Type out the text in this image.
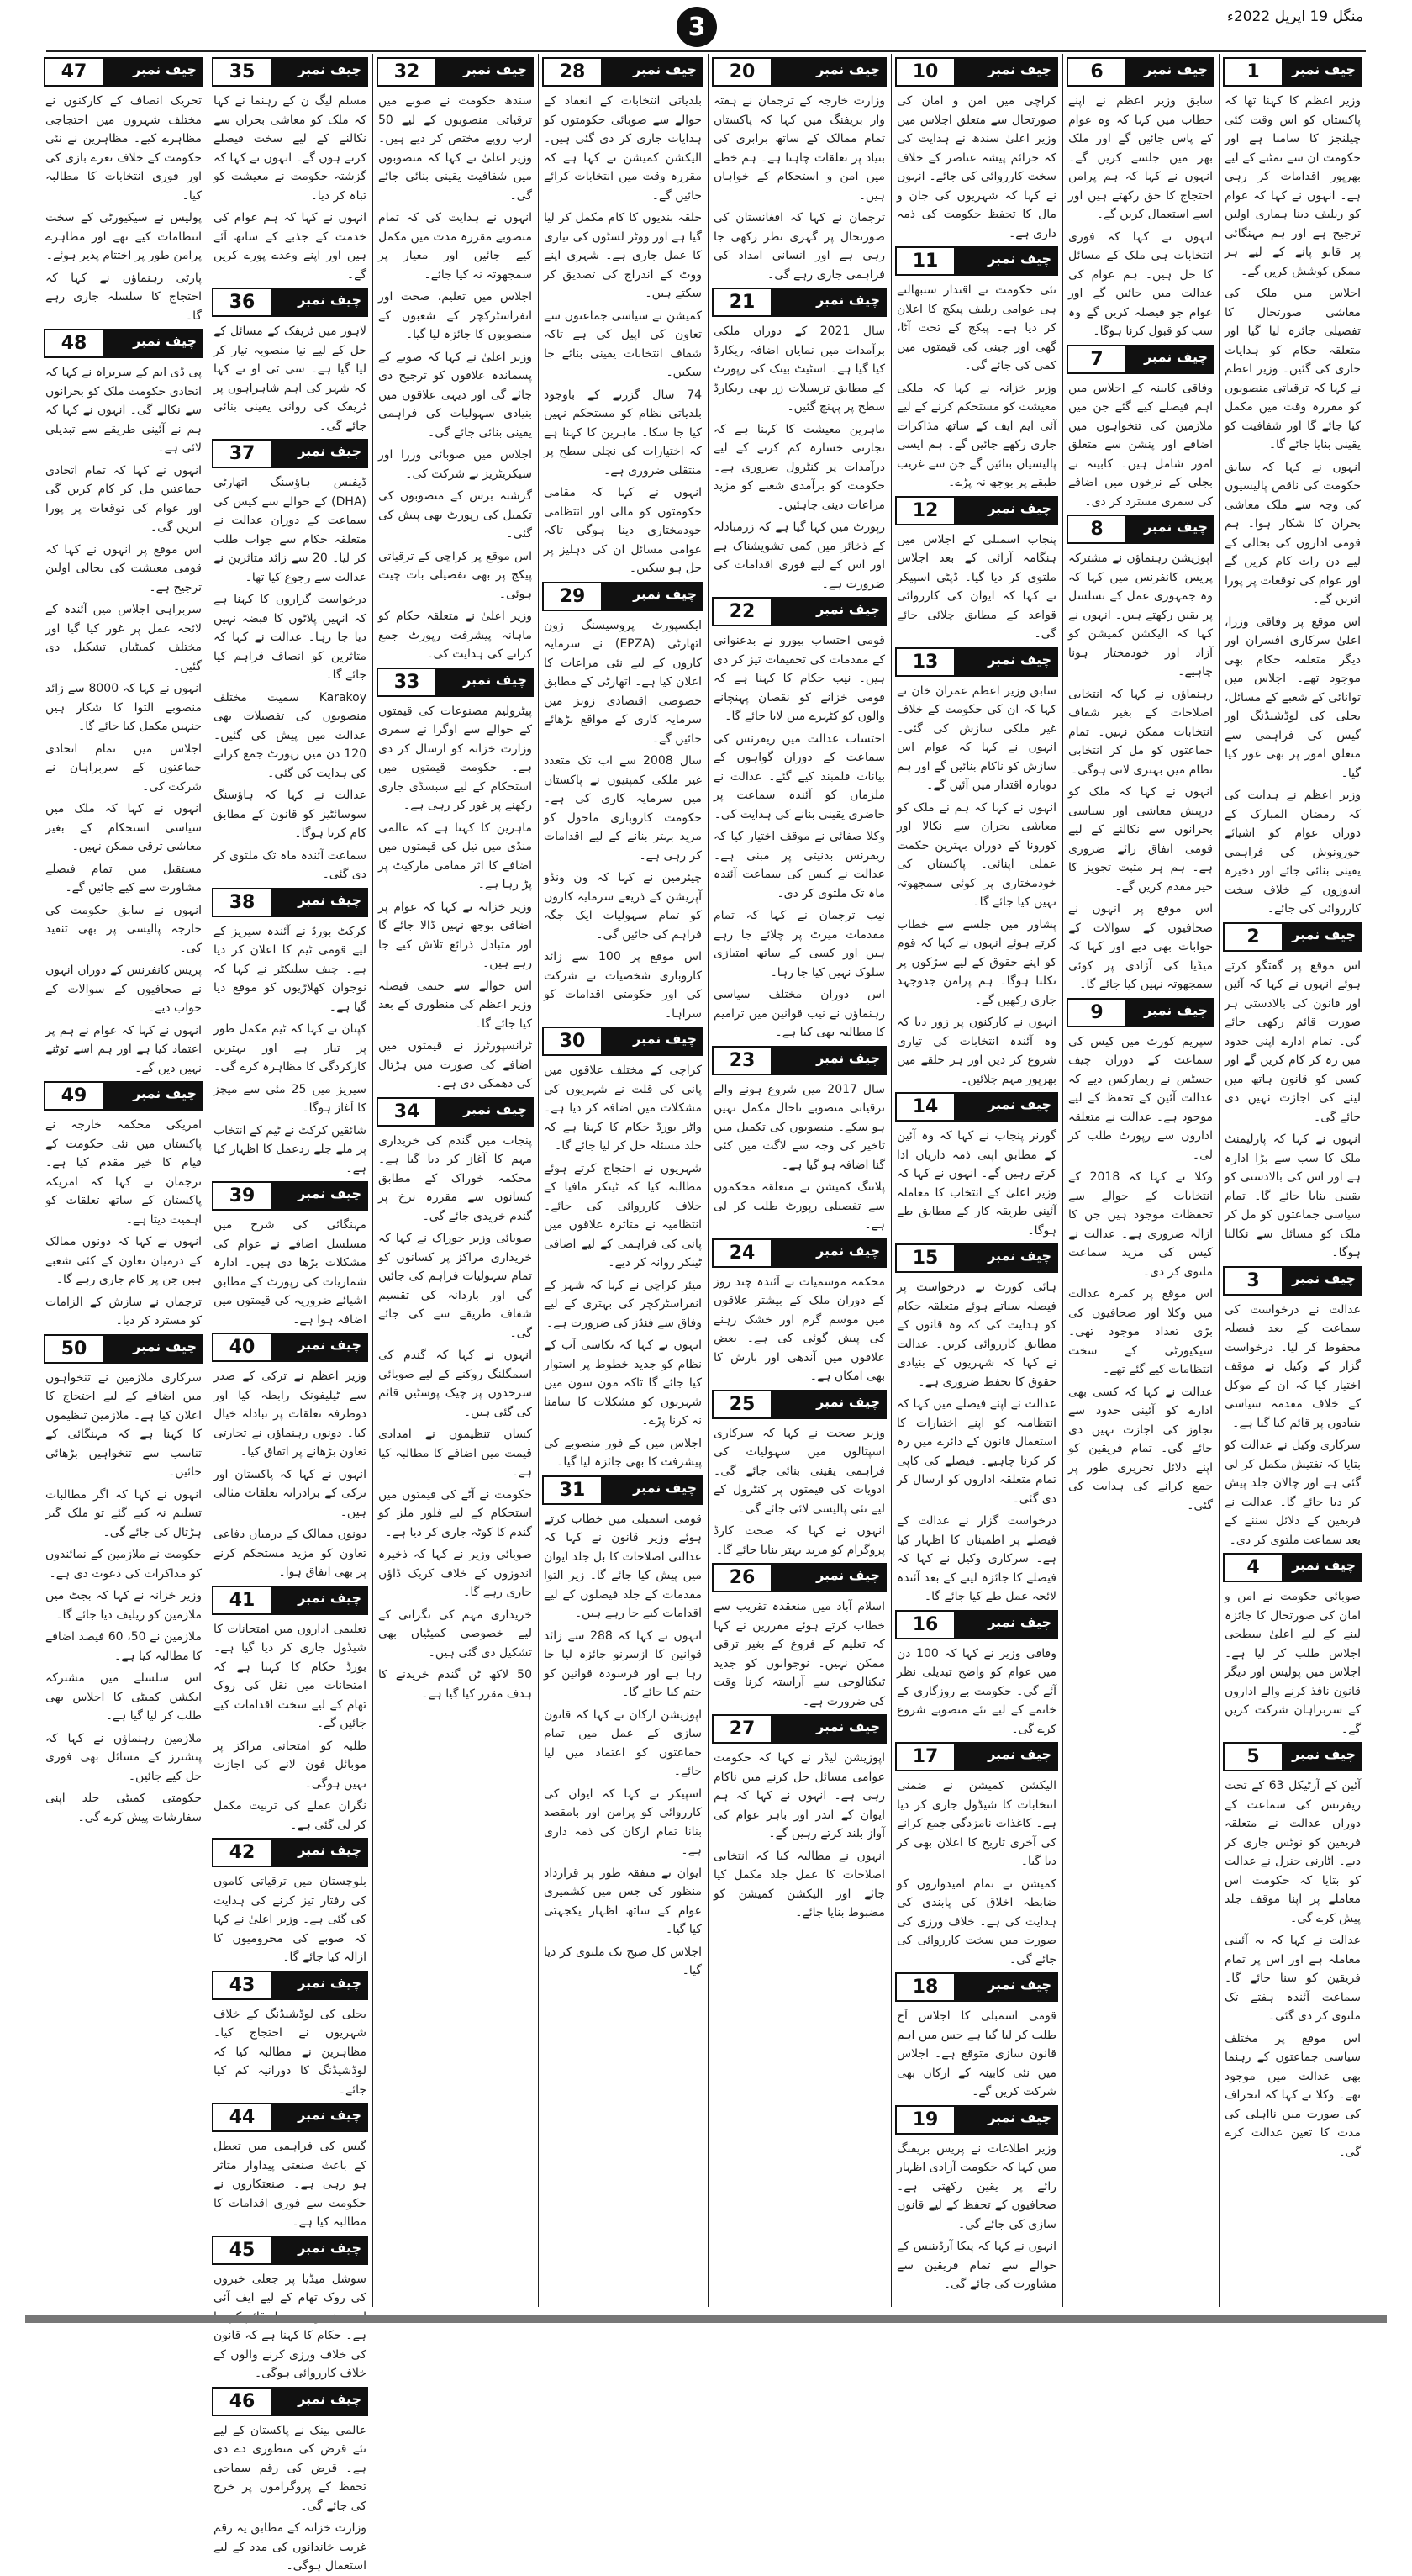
3	منگل 19 اپریل 2022ء
چیف نمبر
1

وزیر اعظم کا کہنا تھا کہ پاکستان کو اس وقت کئی چیلنجز کا سامنا ہے اور حکومت ان سے نمٹنے کے لیے بھرپور اقدامات کر رہی ہے۔ انہوں نے کہا کہ عوام کو ریلیف دینا ہماری اولین ترجیح ہے اور ہم مہنگائی پر قابو پانے کے لیے ہر ممکن کوشش کریں گے۔

اجلاس میں ملک کی معاشی صورتحال کا تفصیلی جائزہ لیا گیا اور متعلقہ حکام کو ہدایات جاری کی گئیں۔ وزیر اعظم نے کہا کہ ترقیاتی منصوبوں کو مقررہ وقت میں مکمل کیا جائے گا اور شفافیت کو یقینی بنایا جائے گا۔

انہوں نے کہا کہ سابق حکومت کی ناقص پالیسیوں کی وجہ سے ملک معاشی بحران کا شکار ہوا۔ ہم قومی اداروں کی بحالی کے لیے دن رات کام کریں گے اور عوام کی توقعات پر پورا اتریں گے۔

اس موقع پر وفاقی وزرا، اعلیٰ سرکاری افسران اور دیگر متعلقہ حکام بھی موجود تھے۔ اجلاس میں توانائی کے شعبے کے مسائل، بجلی کی لوڈشیڈنگ اور گیس کی فراہمی سے متعلق امور پر بھی غور کیا گیا۔

وزیر اعظم نے ہدایت کی کہ رمضان المبارک کے دوران عوام کو اشیائے خورونوش کی فراہمی یقینی بنائی جائے اور ذخیرہ اندوزوں کے خلاف سخت کارروائی کی جائے۔

چیف نمبر
2

اس موقع پر گفتگو کرتے ہوئے انہوں نے کہا کہ آئین اور قانون کی بالادستی ہر صورت قائم رکھی جائے گی۔ تمام ادارے اپنی حدود میں رہ کر کام کریں گے اور کسی کو قانون ہاتھ میں لینے کی اجازت نہیں دی جائے گی۔

انہوں نے کہا کہ پارلیمنٹ ملک کا سب سے بڑا ادارہ ہے اور اس کی بالادستی کو یقینی بنایا جائے گا۔ تمام سیاسی جماعتوں کو مل کر ملک کو مسائل سے نکالنا ہوگا۔

چیف نمبر
3

عدالت نے درخواست کی سماعت کے بعد فیصلہ محفوظ کر لیا۔ درخواست گزار کے وکیل نے موقف اختیار کیا کہ ان کے موکل کے خلاف مقدمہ سیاسی بنیادوں پر قائم کیا گیا ہے۔

سرکاری وکیل نے عدالت کو بتایا کہ تفتیش مکمل کر لی گئی ہے اور چالان جلد پیش کر دیا جائے گا۔ عدالت نے فریقین کے دلائل سننے کے بعد سماعت ملتوی کر دی۔

چیف نمبر
4

صوبائی حکومت نے امن و امان کی صورتحال کا جائزہ لینے کے لیے اعلیٰ سطحی اجلاس طلب کر لیا ہے۔ اجلاس میں پولیس اور دیگر قانون نافذ کرنے والے اداروں کے سربراہان شرکت کریں گے۔

چیف نمبر
5

آئین کے آرٹیکل 63 کے تحت ریفرنس کی سماعت کے دوران عدالت نے متعلقہ فریقین کو نوٹس جاری کر دیے۔ اٹارنی جنرل نے عدالت کو بتایا کہ حکومت اس معاملے پر اپنا موقف جلد پیش کرے گی۔

عدالت نے کہا کہ یہ آئینی معاملہ ہے اور اس پر تمام فریقین کو سنا جائے گا۔ سماعت آئندہ ہفتے تک ملتوی کر دی گئی۔

اس موقع پر مختلف سیاسی جماعتوں کے رہنما بھی عدالت میں موجود تھے۔ وکلا نے کہا کہ انحراف کی صورت میں نااہلی کی مدت کا تعین عدالت کرے گی۔

چیف نمبر
6

سابق وزیر اعظم نے اپنے خطاب میں کہا کہ وہ عوام کے پاس جائیں گے اور ملک بھر میں جلسے کریں گے۔ انہوں نے کہا کہ ہم پرامن احتجاج کا حق رکھتے ہیں اور اسے استعمال کریں گے۔

انہوں نے کہا کہ فوری انتخابات ہی ملک کے مسائل کا حل ہیں۔ ہم عوام کی عدالت میں جائیں گے اور عوام جو فیصلہ کریں گے وہ سب کو قبول کرنا ہوگا۔

چیف نمبر
7

وفاقی کابینہ کے اجلاس میں اہم فیصلے کیے گئے جن میں ملازمین کی تنخواہوں میں اضافے اور پنشن سے متعلق امور شامل ہیں۔ کابینہ نے بجلی کے نرخوں میں اضافے کی سمری مسترد کر دی۔

چیف نمبر
8

اپوزیشن رہنماؤں نے مشترکہ پریس کانفرنس میں کہا کہ وہ جمہوری عمل کے تسلسل پر یقین رکھتے ہیں۔ انہوں نے کہا کہ الیکشن کمیشن کو آزاد اور خودمختار ہونا چاہیے۔

رہنماؤں نے کہا کہ انتخابی اصلاحات کے بغیر شفاف انتخابات ممکن نہیں۔ تمام جماعتوں کو مل کر انتخابی نظام میں بہتری لانی ہوگی۔

انہوں نے کہا کہ ملک کو درپیش معاشی اور سیاسی بحرانوں سے نکالنے کے لیے قومی اتفاق رائے ضروری ہے۔ ہم ہر مثبت تجویز کا خیر مقدم کریں گے۔

اس موقع پر انہوں نے صحافیوں کے سوالات کے جوابات بھی دیے اور کہا کہ میڈیا کی آزادی پر کوئی سمجھوتہ نہیں کیا جائے گا۔

چیف نمبر
9

سپریم کورٹ میں کیس کی سماعت کے دوران چیف جسٹس نے ریمارکس دیے کہ عدالت آئین کے تحفظ کے لیے موجود ہے۔ عدالت نے متعلقہ اداروں سے رپورٹ طلب کر لی۔

وکلا نے کہا کہ 2018 کے انتخابات کے حوالے سے تحفظات موجود ہیں جن کا ازالہ ضروری ہے۔ عدالت نے کیس کی مزید سماعت ملتوی کر دی۔

اس موقع پر کمرہ عدالت میں وکلا اور صحافیوں کی بڑی تعداد موجود تھی۔ سیکیورٹی کے سخت انتظامات کیے گئے تھے۔

عدالت نے کہا کہ کسی بھی ادارے کو آئینی حدود سے تجاوز کی اجازت نہیں دی جائے گی۔ تمام فریقین کو اپنے دلائل تحریری طور پر جمع کرانے کی ہدایت کی گئی۔

چیف نمبر
10

کراچی میں امن و امان کی صورتحال سے متعلق اجلاس میں وزیر اعلیٰ سندھ نے ہدایت کی کہ جرائم پیشہ عناصر کے خلاف سخت کارروائی کی جائے۔ انہوں نے کہا کہ شہریوں کی جان و مال کا تحفظ حکومت کی ذمہ داری ہے۔

چیف نمبر
11

نئی حکومت نے اقتدار سنبھالتے ہی عوامی ریلیف پیکج کا اعلان کر دیا ہے۔ پیکج کے تحت آٹا، گھی اور چینی کی قیمتوں میں کمی کی جائے گی۔

وزیر خزانہ نے کہا کہ ملکی معیشت کو مستحکم کرنے کے لیے آئی ایم ایف کے ساتھ مذاکرات جاری رکھے جائیں گے۔ ہم ایسی پالیسیاں بنائیں گے جن سے غریب طبقے پر بوجھ نہ پڑے۔

چیف نمبر
12

پنجاب اسمبلی کے اجلاس میں ہنگامہ آرائی کے بعد اجلاس ملتوی کر دیا گیا۔ ڈپٹی اسپیکر نے کہا کہ ایوان کی کارروائی قواعد کے مطابق چلائی جائے گی۔

چیف نمبر
13

سابق وزیر اعظم عمران خان نے کہا کہ ان کی حکومت کے خلاف غیر ملکی سازش کی گئی۔ انہوں نے کہا کہ عوام اس سازش کو ناکام بنائیں گے اور ہم دوبارہ اقتدار میں آئیں گے۔

انہوں نے کہا کہ ہم نے ملک کو معاشی بحران سے نکالا اور کورونا کے دوران بہترین حکمت عملی اپنائی۔ پاکستان کی خودمختاری پر کوئی سمجھوتہ نہیں کیا جائے گا۔

پشاور میں جلسے سے خطاب کرتے ہوئے انہوں نے کہا کہ قوم کو اپنے حقوق کے لیے سڑکوں پر نکلنا ہوگا۔ ہم پرامن جدوجہد جاری رکھیں گے۔

انہوں نے کارکنوں پر زور دیا کہ وہ آئندہ انتخابات کی تیاری شروع کر دیں اور ہر حلقے میں بھرپور مہم چلائیں۔

چیف نمبر
14

گورنر پنجاب نے کہا کہ وہ آئین کے مطابق اپنی ذمہ داریاں ادا کرتے رہیں گے۔ انہوں نے کہا کہ وزیر اعلیٰ کے انتخاب کا معاملہ آئینی طریقہ کار کے مطابق طے ہوگا۔

چیف نمبر
15

ہائی کورٹ نے درخواست پر فیصلہ سناتے ہوئے متعلقہ حکام کو ہدایت کی کہ وہ قانون کے مطابق کارروائی کریں۔ عدالت نے کہا کہ شہریوں کے بنیادی حقوق کا تحفظ ضروری ہے۔

عدالت نے اپنے فیصلے میں کہا کہ انتظامیہ کو اپنے اختیارات کا استعمال قانون کے دائرے میں رہ کر کرنا چاہیے۔ فیصلے کی کاپی تمام متعلقہ اداروں کو ارسال کر دی گئی۔

درخواست گزار نے عدالت کے فیصلے پر اطمینان کا اظہار کیا ہے۔ سرکاری وکیل نے کہا کہ فیصلے کا جائزہ لینے کے بعد آئندہ لائحہ عمل طے کیا جائے گا۔

چیف نمبر
16

وفاقی وزیر نے کہا کہ 100 دن میں عوام کو واضح تبدیلی نظر آئے گی۔ حکومت بے روزگاری کے خاتمے کے لیے نئے منصوبے شروع کرے گی۔

چیف نمبر
17

الیکشن کمیشن نے ضمنی انتخابات کا شیڈول جاری کر دیا ہے۔ کاغذات نامزدگی جمع کرانے کی آخری تاریخ کا اعلان بھی کر دیا گیا۔

کمیشن نے تمام امیدواروں کو ضابطہ اخلاق کی پابندی کی ہدایت کی ہے۔ خلاف ورزی کی صورت میں سخت کارروائی کی جائے گی۔

چیف نمبر
18

قومی اسمبلی کا اجلاس آج طلب کر لیا گیا ہے جس میں اہم قانون سازی متوقع ہے۔ اجلاس میں نئی کابینہ کے ارکان بھی شرکت کریں گے۔

چیف نمبر
19

وزیر اطلاعات نے پریس بریفنگ میں کہا کہ حکومت آزادی اظہار رائے پر یقین رکھتی ہے۔ صحافیوں کے تحفظ کے لیے قانون سازی کی جائے گی۔

انہوں نے کہا کہ پیکا آرڈیننس کے حوالے سے تمام فریقین سے مشاورت کی جائے گی۔

چیف نمبر
20

وزارت خارجہ کے ترجمان نے ہفتہ وار بریفنگ میں کہا کہ پاکستان تمام ممالک کے ساتھ برابری کی بنیاد پر تعلقات چاہتا ہے۔ ہم خطے میں امن و استحکام کے خواہاں ہیں۔

ترجمان نے کہا کہ افغانستان کی صورتحال پر گہری نظر رکھی جا رہی ہے اور انسانی امداد کی فراہمی جاری رہے گی۔

چیف نمبر
21

سال 2021 کے دوران ملکی برآمدات میں نمایاں اضافہ ریکارڈ کیا گیا ہے۔ اسٹیٹ بینک کی رپورٹ کے مطابق ترسیلات زر بھی ریکارڈ سطح پر پہنچ گئیں۔

ماہرین معیشت کا کہنا ہے کہ تجارتی خسارہ کم کرنے کے لیے درآمدات پر کنٹرول ضروری ہے۔ حکومت کو برآمدی شعبے کو مزید مراعات دینی چاہئیں۔

رپورٹ میں کہا گیا ہے کہ زرمبادلہ کے ذخائر میں کمی تشویشناک ہے اور اس کے لیے فوری اقدامات کی ضرورت ہے۔

چیف نمبر
22

قومی احتساب بیورو نے بدعنوانی کے مقدمات کی تحقیقات تیز کر دی ہیں۔ نیب حکام کا کہنا ہے کہ قومی خزانے کو نقصان پہنچانے والوں کو کٹہرے میں لایا جائے گا۔

احتساب عدالت میں ریفرنس کی سماعت کے دوران گواہوں کے بیانات قلمبند کیے گئے۔ عدالت نے ملزمان کو آئندہ سماعت پر حاضری یقینی بنانے کی ہدایت کی۔

وکلا صفائی نے موقف اختیار کیا کہ ریفرنس بدنیتی پر مبنی ہے۔ عدالت نے کیس کی سماعت آئندہ ماہ تک ملتوی کر دی۔

نیب ترجمان نے کہا کہ تمام مقدمات میرٹ پر چلائے جا رہے ہیں اور کسی کے ساتھ امتیازی سلوک نہیں کیا جا رہا۔

اس دوران مختلف سیاسی رہنماؤں نے نیب قوانین میں ترامیم کا مطالبہ بھی کیا ہے۔

چیف نمبر
23

سال 2017 میں شروع ہونے والے ترقیاتی منصوبے تاحال مکمل نہیں ہو سکے۔ منصوبوں کی تکمیل میں تاخیر کی وجہ سے لاگت میں کئی گنا اضافہ ہو گیا ہے۔

پلاننگ کمیشن نے متعلقہ محکموں سے تفصیلی رپورٹ طلب کر لی ہے۔

چیف نمبر
24

محکمہ موسمیات نے آئندہ چند روز کے دوران ملک کے بیشتر علاقوں میں موسم گرم اور خشک رہنے کی پیش گوئی کی ہے۔ بعض علاقوں میں آندھی اور بارش کا بھی امکان ہے۔

چیف نمبر
25

وزیر صحت نے کہا کہ سرکاری اسپتالوں میں سہولیات کی فراہمی یقینی بنائی جائے گی۔ ادویات کی قیمتوں پر کنٹرول کے لیے نئی پالیسی لائی جائے گی۔

انہوں نے کہا کہ صحت کارڈ پروگرام کو مزید بہتر بنایا جائے گا۔

چیف نمبر
26

اسلام آباد میں منعقدہ تقریب سے خطاب کرتے ہوئے مقررین نے کہا کہ تعلیم کے فروغ کے بغیر ترقی ممکن نہیں۔ نوجوانوں کو جدید ٹیکنالوجی سے آراستہ کرنا وقت کی ضرورت ہے۔

چیف نمبر
27

اپوزیشن لیڈر نے کہا کہ حکومت عوامی مسائل حل کرنے میں ناکام رہی ہے۔ انہوں نے کہا کہ ہم ایوان کے اندر اور باہر عوام کی آواز بلند کرتے رہیں گے۔

انہوں نے مطالبہ کیا کہ انتخابی اصلاحات کا عمل جلد مکمل کیا جائے اور الیکشن کمیشن کو مضبوط بنایا جائے۔

چیف نمبر
28

بلدیاتی انتخابات کے انعقاد کے حوالے سے صوبائی حکومتوں کو ہدایات جاری کر دی گئی ہیں۔ الیکشن کمیشن نے کہا ہے کہ مقررہ وقت میں انتخابات کرائے جائیں گے۔

حلقہ بندیوں کا کام مکمل کر لیا گیا ہے اور ووٹر لسٹوں کی تیاری کا عمل جاری ہے۔ شہری اپنے ووٹ کے اندراج کی تصدیق کر سکتے ہیں۔

کمیشن نے سیاسی جماعتوں سے تعاون کی اپیل کی ہے تاکہ شفاف انتخابات یقینی بنائے جا سکیں۔

74 سال گزرنے کے باوجود بلدیاتی نظام کو مستحکم نہیں کیا جا سکا۔ ماہرین کا کہنا ہے کہ اختیارات کی نچلی سطح پر منتقلی ضروری ہے۔

انہوں نے کہا کہ مقامی حکومتوں کو مالی اور انتظامی خودمختاری دینا ہوگی تاکہ عوامی مسائل ان کی دہلیز پر حل ہو سکیں۔

چیف نمبر
29

ایکسپورٹ پروسیسنگ زون اتھارٹی (EPZA) نے سرمایہ کاروں کے لیے نئی مراعات کا اعلان کیا ہے۔ اتھارٹی کے مطابق خصوصی اقتصادی زونز میں سرمایہ کاری کے مواقع بڑھائے جائیں گے۔

سال 2008 سے اب تک متعدد غیر ملکی کمپنیوں نے پاکستان میں سرمایہ کاری کی ہے۔ حکومت کاروباری ماحول کو مزید بہتر بنانے کے لیے اقدامات کر رہی ہے۔

چیئرمین نے کہا کہ ون ونڈو آپریشن کے ذریعے سرمایہ کاروں کو تمام سہولیات ایک جگہ فراہم کی جائیں گی۔

اس موقع پر 100 سے زائد کاروباری شخصیات نے شرکت کی اور حکومتی اقدامات کو سراہا۔

چیف نمبر
30

کراچی کے مختلف علاقوں میں پانی کی قلت نے شہریوں کی مشکلات میں اضافہ کر دیا ہے۔ واٹر بورڈ حکام کا کہنا ہے کہ جلد مسئلہ حل کر لیا جائے گا۔

شہریوں نے احتجاج کرتے ہوئے مطالبہ کیا کہ ٹینکر مافیا کے خلاف کارروائی کی جائے۔ انتظامیہ نے متاثرہ علاقوں میں پانی کی فراہمی کے لیے اضافی ٹینکر روانہ کر دیے۔

میئر کراچی نے کہا کہ شہر کے انفراسٹرکچر کی بہتری کے لیے وفاق سے فنڈز کی ضرورت ہے۔

انہوں نے کہا کہ نکاسی آب کے نظام کو جدید خطوط پر استوار کیا جائے گا تاکہ مون سون میں شہریوں کو مشکلات کا سامنا نہ کرنا پڑے۔

اجلاس میں کے فور منصوبے کی پیشرفت کا بھی جائزہ لیا گیا۔

چیف نمبر
31

قومی اسمبلی میں خطاب کرتے ہوئے وزیر قانون نے کہا کہ عدالتی اصلاحات کا بل جلد ایوان میں پیش کیا جائے گا۔ زیر التوا مقدمات کے جلد فیصلوں کے لیے اقدامات کیے جا رہے ہیں۔

انہوں نے کہا کہ 288 سے زائد قوانین کا ازسرنو جائزہ لیا جا رہا ہے اور فرسودہ قوانین کو ختم کیا جائے گا۔

اپوزیشن ارکان نے کہا کہ قانون سازی کے عمل میں تمام جماعتوں کو اعتماد میں لیا جائے۔

اسپیکر نے کہا کہ ایوان کی کارروائی کو پرامن اور بامقصد بنانا تمام ارکان کی ذمہ داری ہے۔

ایوان نے متفقہ طور پر قرارداد منظور کی جس میں کشمیری عوام کے ساتھ اظہار یکجہتی کیا گیا۔

اجلاس کل صبح تک ملتوی کر دیا گیا۔

چیف نمبر
32

سندھ حکومت نے صوبے میں ترقیاتی منصوبوں کے لیے 50 ارب روپے مختص کر دیے ہیں۔ وزیر اعلیٰ نے کہا کہ منصوبوں میں شفافیت یقینی بنائی جائے گی۔

انہوں نے ہدایت کی کہ تمام منصوبے مقررہ مدت میں مکمل کیے جائیں اور معیار پر سمجھوتہ نہ کیا جائے۔

اجلاس میں تعلیم، صحت اور انفراسٹرکچر کے شعبوں کے منصوبوں کا جائزہ لیا گیا۔

وزیر اعلیٰ نے کہا کہ صوبے کے پسماندہ علاقوں کو ترجیح دی جائے گی اور دیہی علاقوں میں بنیادی سہولیات کی فراہمی یقینی بنائی جائے گی۔

اجلاس میں صوبائی وزرا اور سیکریٹریز نے شرکت کی۔

گزشتہ برس کے منصوبوں کی تکمیل کی رپورٹ بھی پیش کی گئی۔

اس موقع پر کراچی کے ترقیاتی پیکج پر بھی تفصیلی بات چیت ہوئی۔

وزیر اعلیٰ نے متعلقہ حکام کو ماہانہ پیشرفت رپورٹ جمع کرانے کی ہدایت کی۔

چیف نمبر
33

پیٹرولیم مصنوعات کی قیمتوں کے حوالے سے اوگرا نے سمری وزارت خزانہ کو ارسال کر دی ہے۔ حکومت قیمتوں میں استحکام کے لیے سبسڈی جاری رکھنے پر غور کر رہی ہے۔

ماہرین کا کہنا ہے کہ عالمی منڈی میں تیل کی قیمتوں میں اضافے کا اثر مقامی مارکیٹ پر پڑ رہا ہے۔

وزیر خزانہ نے کہا کہ عوام پر اضافی بوجھ نہیں ڈالا جائے گا اور متبادل ذرائع تلاش کیے جا رہے ہیں۔

اس حوالے سے حتمی فیصلہ وزیر اعظم کی منظوری کے بعد کیا جائے گا۔

ٹرانسپورٹرز نے قیمتوں میں اضافے کی صورت میں ہڑتال کی دھمکی دی ہے۔

چیف نمبر
34

پنجاب میں گندم کی خریداری مہم کا آغاز کر دیا گیا ہے۔ محکمہ خوراک کے مطابق کسانوں سے مقررہ نرخ پر گندم خریدی جائے گی۔

صوبائی وزیر خوراک نے کہا کہ خریداری مراکز پر کسانوں کو تمام سہولیات فراہم کی جائیں گی اور باردانہ کی تقسیم شفاف طریقے سے کی جائے گی۔

انہوں نے کہا کہ گندم کی اسمگلنگ روکنے کے لیے صوبائی سرحدوں پر چیک پوسٹیں قائم کی گئی ہیں۔

کسان تنظیموں نے امدادی قیمت میں اضافے کا مطالبہ کیا ہے۔

حکومت نے آٹے کی قیمتوں میں استحکام کے لیے فلور ملز کو گندم کا کوٹہ جاری کر دیا ہے۔

صوبائی وزیر نے کہا کہ ذخیرہ اندوزوں کے خلاف کریک ڈاؤن جاری رہے گا۔

خریداری مہم کی نگرانی کے لیے خصوصی کمیٹیاں بھی تشکیل دی گئی ہیں۔

50 لاکھ ٹن گندم خریدنے کا ہدف مقرر کیا گیا ہے۔

چیف نمبر
35

مسلم لیگ ن کے رہنما نے کہا کہ ملک کو معاشی بحران سے نکالنے کے لیے سخت فیصلے کرنے ہوں گے۔ انہوں نے کہا کہ گزشتہ حکومت نے معیشت کو تباہ کر دیا۔

انہوں نے کہا کہ ہم عوام کی خدمت کے جذبے کے ساتھ آئے ہیں اور اپنے وعدے پورے کریں گے۔

چیف نمبر
36

لاہور میں ٹریفک کے مسائل کے حل کے لیے نیا منصوبہ تیار کر لیا گیا ہے۔ سی ٹی او نے کہا کہ شہر کی اہم شاہراہوں پر ٹریفک کی روانی یقینی بنائی جائے گی۔

چیف نمبر
37

ڈیفنس ہاؤسنگ اتھارٹی (DHA) کے حوالے سے کیس کی سماعت کے دوران عدالت نے متعلقہ حکام سے جواب طلب کر لیا۔ 20 سے زائد متاثرین نے عدالت سے رجوع کیا تھا۔

درخواست گزاروں کا کہنا ہے کہ انہیں پلاٹوں کا قبضہ نہیں دیا جا رہا۔ عدالت نے کہا کہ متاثرین کو انصاف فراہم کیا جائے گا۔

Karakoy سمیت مختلف منصوبوں کی تفصیلات بھی عدالت میں پیش کی گئیں۔ 120 دن میں رپورٹ جمع کرانے کی ہدایت کی گئی۔

عدالت نے کہا کہ ہاؤسنگ سوسائٹیز کو قانون کے مطابق کام کرنا ہوگا۔

سماعت آئندہ ماہ تک ملتوی کر دی گئی۔

چیف نمبر
38

کرکٹ بورڈ نے آئندہ سیریز کے لیے قومی ٹیم کا اعلان کر دیا ہے۔ چیف سلیکٹر نے کہا کہ نوجوان کھلاڑیوں کو موقع دیا گیا ہے۔

کپتان نے کہا کہ ٹیم مکمل طور پر تیار ہے اور بہترین کارکردگی کا مظاہرہ کرے گی۔

سیریز میں 25 مئی سے میچز کا آغاز ہوگا۔

شائقین کرکٹ نے ٹیم کے انتخاب پر ملے جلے ردعمل کا اظہار کیا ہے۔

چیف نمبر
39

مہنگائی کی شرح میں مسلسل اضافے نے عوام کی مشکلات بڑھا دی ہیں۔ ادارہ شماریات کی رپورٹ کے مطابق اشیائے ضروریہ کی قیمتوں میں اضافہ ہوا ہے۔

چیف نمبر
40

وزیر اعظم نے ترکی کے صدر سے ٹیلیفونک رابطہ کیا اور دوطرفہ تعلقات پر تبادلہ خیال کیا۔ دونوں رہنماؤں نے تجارتی تعاون بڑھانے پر اتفاق کیا۔

انہوں نے کہا کہ پاکستان اور ترکی کے برادرانہ تعلقات مثالی ہیں۔

دونوں ممالک کے درمیان دفاعی تعاون کو مزید مستحکم کرنے پر بھی اتفاق ہوا۔

چیف نمبر
41

تعلیمی اداروں میں امتحانات کا شیڈول جاری کر دیا گیا ہے۔ بورڈ حکام کا کہنا ہے کہ امتحانات میں نقل کی روک تھام کے لیے سخت اقدامات کیے جائیں گے۔

طلبہ کو امتحانی مراکز پر موبائل فون لانے کی اجازت نہیں ہوگی۔

نگران عملے کی تربیت مکمل کر لی گئی ہے۔

چیف نمبر
42

بلوچستان میں ترقیاتی کاموں کی رفتار تیز کرنے کی ہدایت کی گئی ہے۔ وزیر اعلیٰ نے کہا کہ صوبے کی محرومیوں کا ازالہ کیا جائے گا۔

چیف نمبر
43

بجلی کی لوڈشیڈنگ کے خلاف شہریوں نے احتجاج کیا۔ مظاہرین نے مطالبہ کیا کہ لوڈشیڈنگ کا دورانیہ کم کیا جائے۔

چیف نمبر
44

گیس کی فراہمی میں تعطل کے باعث صنعتی پیداوار متاثر ہو رہی ہے۔ صنعتکاروں نے حکومت سے فوری اقدامات کا مطالبہ کیا ہے۔

چیف نمبر
45

سوشل میڈیا پر جعلی خبروں کی روک تھام کے لیے ایف آئی ہے۔ حکام کا کہنا ہے کہ قانون کی خلاف ورزی کرنے والوں کے خلاف کارروائی ہوگی۔

چیف نمبر
46

عالمی بینک نے پاکستان کے لیے نئے قرض کی منظوری دے دی ہے۔ قرض کی رقم سماجی تحفظ کے پروگراموں پر خرچ کی جائے گی۔

وزارت خزانہ کے مطابق یہ رقم غریب خاندانوں کی مدد کے لیے استعمال ہوگی۔

چیف نمبر
47

تحریک انصاف کے کارکنوں نے مختلف شہروں میں احتجاجی مظاہرے کیے۔ مظاہرین نے نئی حکومت کے خلاف نعرے بازی کی اور فوری انتخابات کا مطالبہ کیا۔

پولیس نے سیکیورٹی کے سخت انتظامات کیے تھے اور مظاہرے پرامن طور پر اختتام پذیر ہوئے۔

پارٹی رہنماؤں نے کہا کہ احتجاج کا سلسلہ جاری رہے گا۔

چیف نمبر
48

پی ڈی ایم کے سربراہ نے کہا کہ اتحادی حکومت ملک کو بحرانوں سے نکالے گی۔ انہوں نے کہا کہ ہم نے آئینی طریقے سے تبدیلی لائی ہے۔

انہوں نے کہا کہ تمام اتحادی جماعتیں مل کر کام کریں گی اور عوام کی توقعات پر پورا اتریں گی۔

اس موقع پر انہوں نے کہا کہ قومی معیشت کی بحالی اولین ترجیح ہے۔

سربراہی اجلاس میں آئندہ کے لائحہ عمل پر غور کیا گیا اور مختلف کمیٹیاں تشکیل دی گئیں۔

انہوں نے کہا کہ 8000 سے زائد منصوبے التوا کا شکار ہیں جنہیں مکمل کیا جائے گا۔

اجلاس میں تمام اتحادی جماعتوں کے سربراہان نے شرکت کی۔

انہوں نے کہا کہ ملک میں سیاسی استحکام کے بغیر معاشی ترقی ممکن نہیں۔

مستقبل میں تمام فیصلے مشاورت سے کیے جائیں گے۔

انہوں نے سابق حکومت کی خارجہ پالیسی پر بھی تنقید کی۔

پریس کانفرنس کے دوران انہوں نے صحافیوں کے سوالات کے جواب دیے۔

انہوں نے کہا کہ عوام نے ہم پر اعتماد کیا ہے اور ہم اسے ٹوٹنے نہیں دیں گے۔

چیف نمبر
49

امریکی محکمہ خارجہ نے پاکستان میں نئی حکومت کے قیام کا خیر مقدم کیا ہے۔ ترجمان نے کہا کہ امریکہ پاکستان کے ساتھ تعلقات کو اہمیت دیتا ہے۔

انہوں نے کہا کہ دونوں ممالک کے درمیان تعاون کے کئی شعبے ہیں جن پر کام جاری رہے گا۔

ترجمان نے سازش کے الزامات کو مسترد کر دیا۔

چیف نمبر
50

سرکاری ملازمین نے تنخواہوں میں اضافے کے لیے احتجاج کا اعلان کیا ہے۔ ملازمین تنظیموں کا کہنا ہے کہ مہنگائی کے تناسب سے تنخواہیں بڑھائی جائیں۔

انہوں نے کہا کہ اگر مطالبات تسلیم نہ کیے گئے تو ملک گیر ہڑتال کی جائے گی۔

حکومت نے ملازمین کے نمائندوں کو مذاکرات کی دعوت دی ہے۔

وزیر خزانہ نے کہا کہ بجٹ میں ملازمین کو ریلیف دیا جائے گا۔

ملازمین نے 50، 60 فیصد اضافے کا مطالبہ کیا ہے۔

اس سلسلے میں مشترکہ ایکشن کمیٹی کا اجلاس بھی طلب کر لیا گیا ہے۔

ملازمین رہنماؤں نے کہا کہ پنشنرز کے مسائل بھی فوری حل کیے جائیں۔

حکومتی کمیٹی جلد اپنی سفارشات پیش کرے گی۔
